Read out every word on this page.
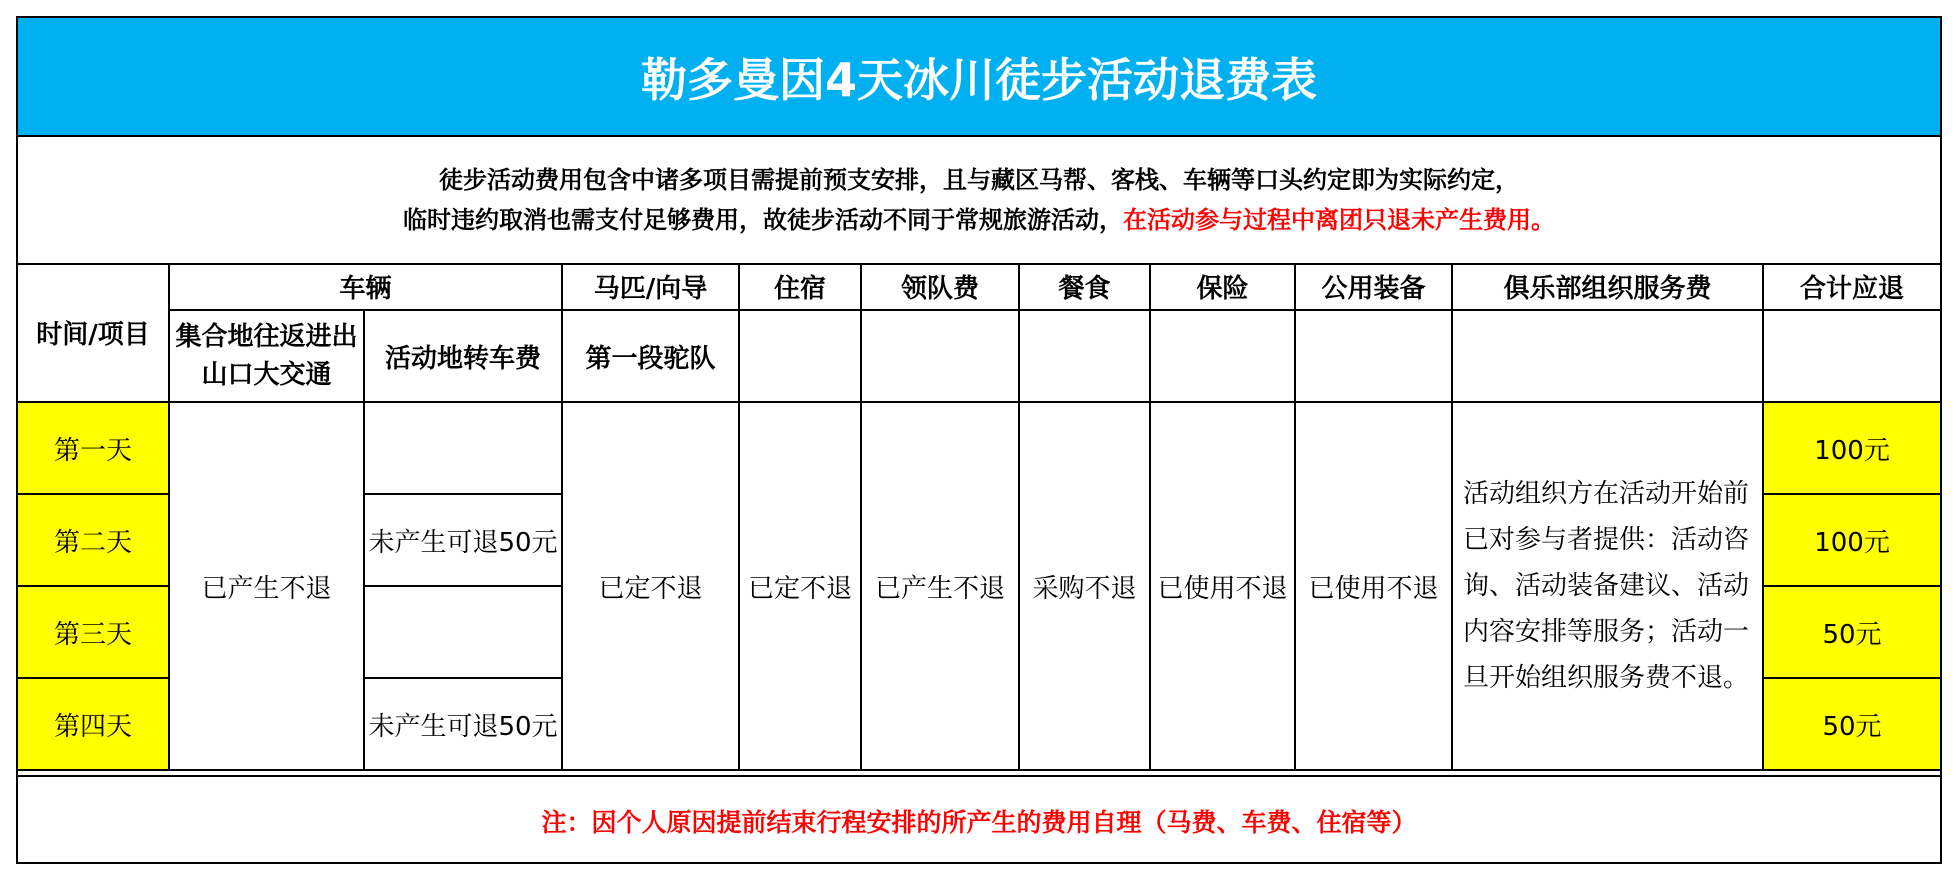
勒多曼因4天冰川徒步活动退费表
徒步活动费用包含中诸多项目需提前预支安排，且与藏区马帮、客栈、车辆等口头约定即为实际约定，
临时违约取消也需支付足够费用，故徒步活动不同于常规旅游活动，在活动参与过程中离团只退未产生费用。
时间/项目	车辆		马匹/向导	住宿	领队费	餐食	保险	公用装备	俱乐部组织服务费	合计应退
	集合地往返进出山口大交通	活动地转车费	第一段驼队							
第一天	已产生不退		已定不退	已定不退	已产生不退	采购不退	已使用不退	已使用不退	活动组织方在活动开始前已对参与者提供：活动咨询、活动装备建议、活动内容安排等服务；活动一旦开始组织服务费不退。	100元
第二天		未产生可退50元								100元
第三天										50元
第四天		未产生可退50元								50元
注：因个人原因提前结束行程安排的所产生的费用自理（马费、车费、住宿等）
